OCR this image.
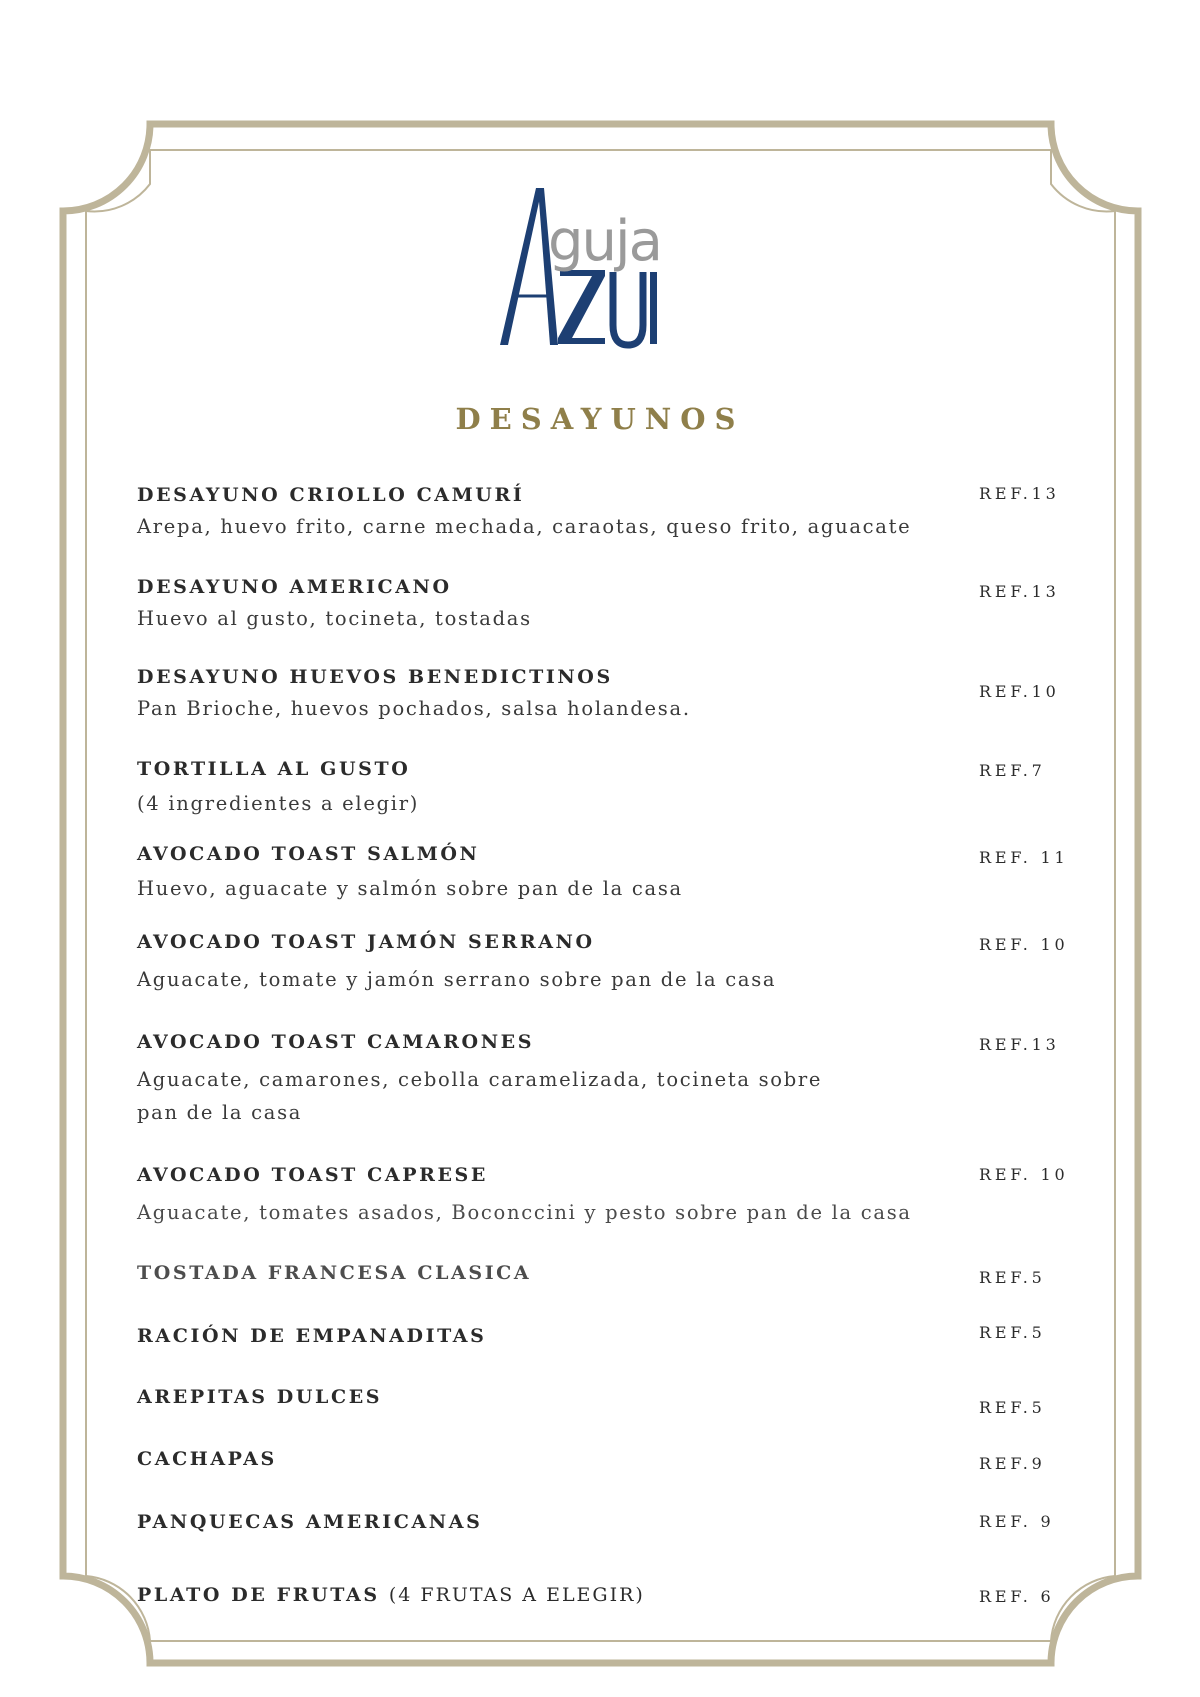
guja
DESAYUNOS
DESAYUNO CRIOLLO CAMURÍ
Arepa, huevo frito, carne mechada, caraotas, queso frito, aguacate
REF.13
DESAYUNO AMERICANO
Huevo al gusto, tocineta, tostadas
REF.13
DESAYUNO HUEVOS BENEDICTINOS
Pan Brioche, huevos pochados, salsa holandesa.
REF.10
TORTILLA AL GUSTO
(4 ingredientes a elegir)
REF.7
AVOCADO TOAST SALMÓN
Huevo, aguacate y salmón sobre pan de la casa
REF. 11
AVOCADO TOAST JAMÓN SERRANO
Aguacate, tomate y jamón serrano sobre pan de la casa
REF. 10
AVOCADO TOAST CAMARONES
Aguacate, camarones, cebolla caramelizada, tocineta sobre
pan de la casa
REF.13
AVOCADO TOAST CAPRESE
Aguacate, tomates asados, Boconccini y pesto sobre pan de la casa
REF. 10
TOSTADA FRANCESA CLASICA	REF.5
RACIÓN DE EMPANADITAS	REF.5
AREPITAS DULCES	REF.5
CACHAPAS	REF.9
PANQUECAS AMERICANAS	REF. 9
PLATO DE FRUTAS (4 FRUTAS A ELEGIR)	REF. 6
